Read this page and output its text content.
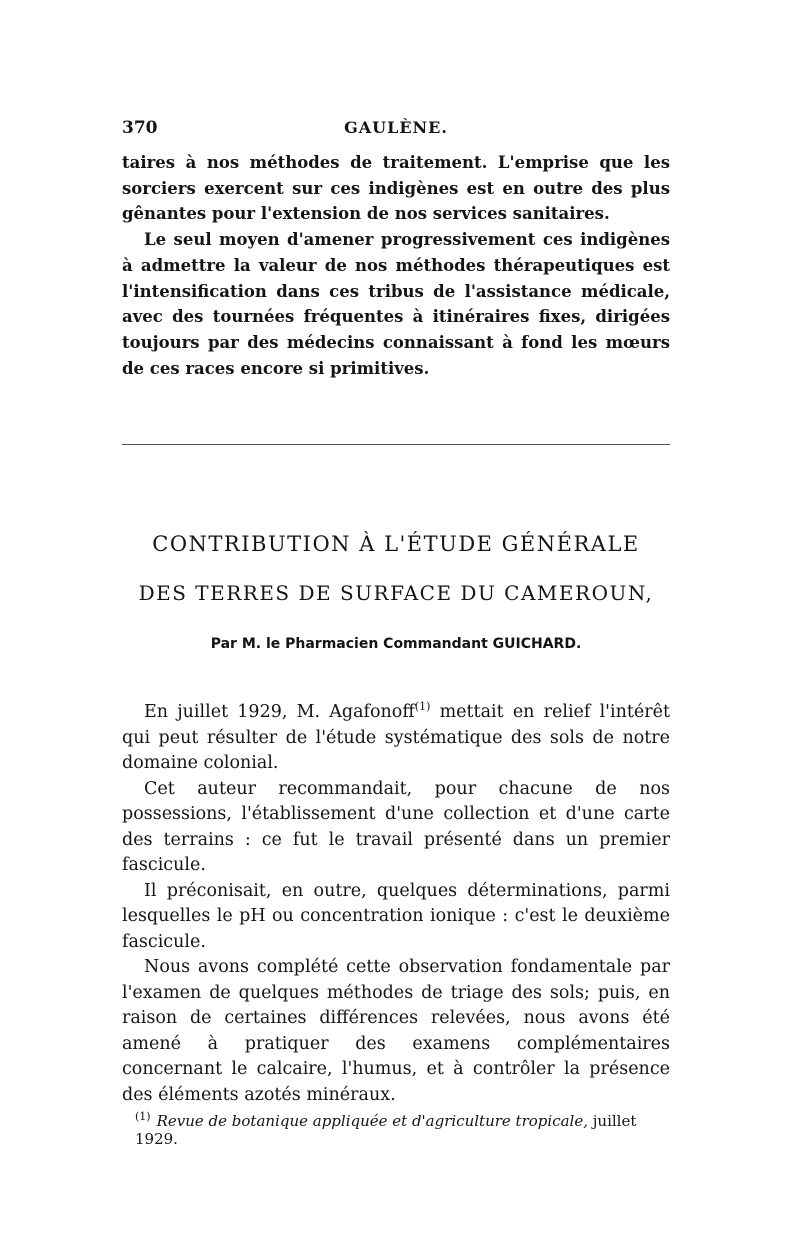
370	GAULÈNE.

taires à nos méthodes de traitement. L'emprise que les sorciers exercent sur ces indigènes est en outre des plus gênantes pour l'extension de nos services sanitaires.

Le seul moyen d'amener progressivement ces indigènes à admettre la valeur de nos méthodes thérapeutiques est l'intensification dans ces tribus de l'assistance médicale, avec des tournées fréquentes à itinéraires fixes, dirigées toujours par des médecins connaissant à fond les mœurs de ces races encore si primitives.

CONTRIBUTION À L'ÉTUDE GÉNÉRALE
DES TERRES DE SURFACE DU CAMEROUN,
Par M. le Pharmacien Commandant GUICHARD.

En juillet 1929, M. Agafonoff$^{(1)}$ mettait en relief l'intérêt qui peut résulter de l'étude systématique des sols de notre domaine colonial.

Cet auteur recommandait, pour chacune de nos possessions, l'établissement d'une collection et d'une carte des terrains : ce fut le travail présenté dans un premier fascicule.

Il préconisait, en outre, quelques déterminations, parmi lesquelles le pH ou concentration ionique : c'est le deuxième fascicule.

Nous avons complété cette observation fondamentale par l'examen de quelques méthodes de triage des sols; puis, en raison de certaines différences relevées, nous avons été amené à pratiquer des examens complémentaires concernant le calcaire, l'humus, et à contrôler la présence des éléments azotés minéraux.

$^{(1)}$ Revue de botanique appliquée et d'agriculture tropicale, juillet 1929.
